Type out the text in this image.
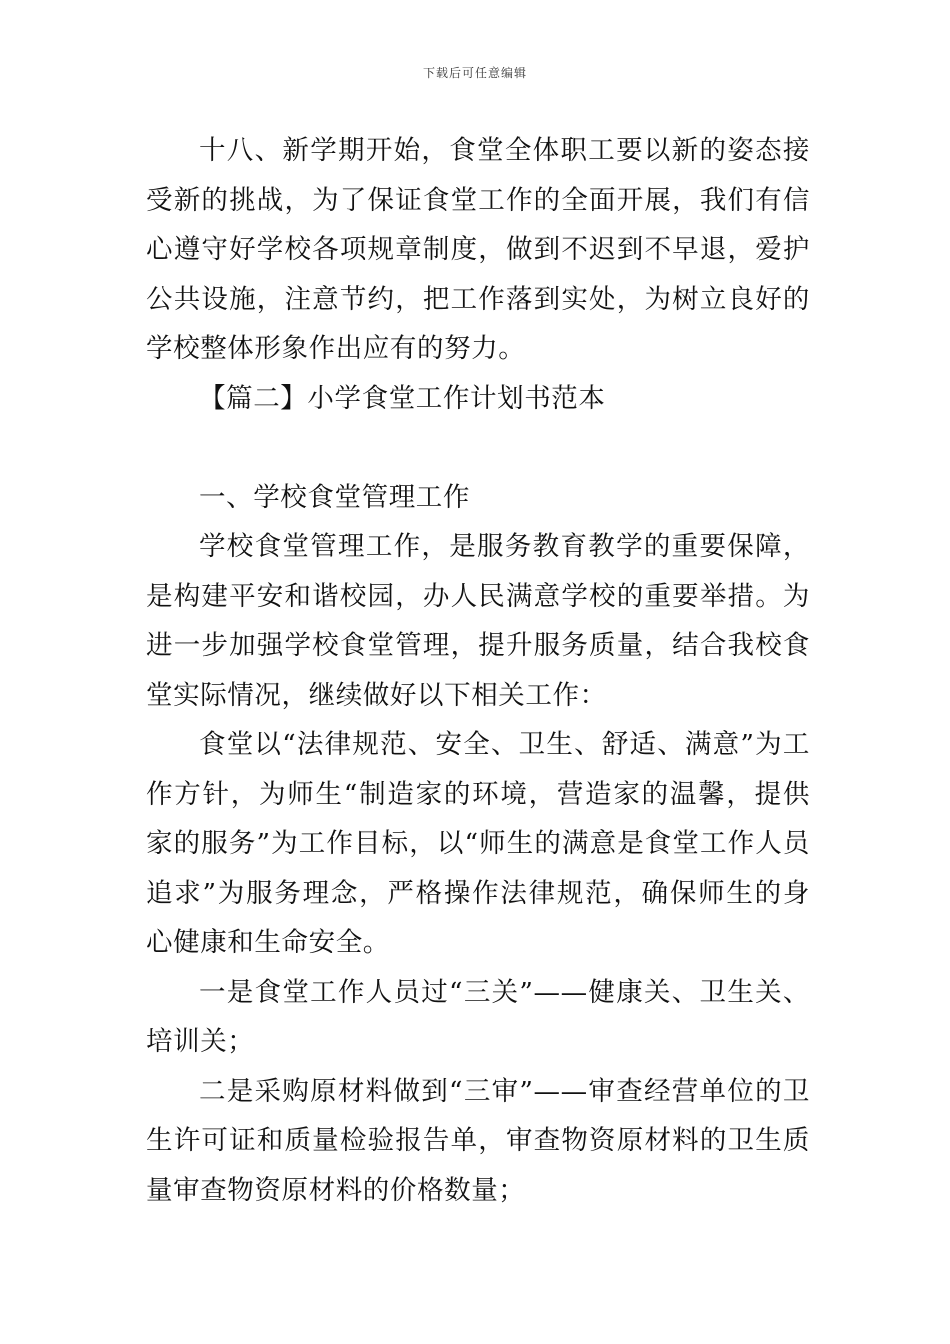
下载后可任意编辑

十八、新学期开始，食堂全体职工要以新的姿态接受新的挑战，为了保证食堂工作的全面开展，我们有信心遵守好学校各项规章制度，做到不迟到不早退，爱护公共设施，注意节约，把工作落到实处，为树立良好的学校整体形象作出应有的努力。

【篇二】小学食堂工作计划书范本

一、学校食堂管理工作

学校食堂管理工作，是服务教育教学的重要保障，是构建平安和谐校园，办人民满意学校的重要举措。为进一步加强学校食堂管理，提升服务质量，结合我校食堂实际情况，继续做好以下相关工作：

食堂以“法律规范、安全、卫生、舒适、满意”为工作方针，为师生“制造家的环境，营造家的温馨，提供家的服务”为工作目标，以“师生的满意是食堂工作人员追求”为服务理念，严格操作法律规范，确保师生的身心健康和生命安全。

一是食堂工作人员过“三关”——健康关、卫生关、培训关；

二是采购原材料做到“三审”——审查经营单位的卫生许可证和质量检验报告单，审查物资原材料的卫生质量审查物资原材料的价格数量；
